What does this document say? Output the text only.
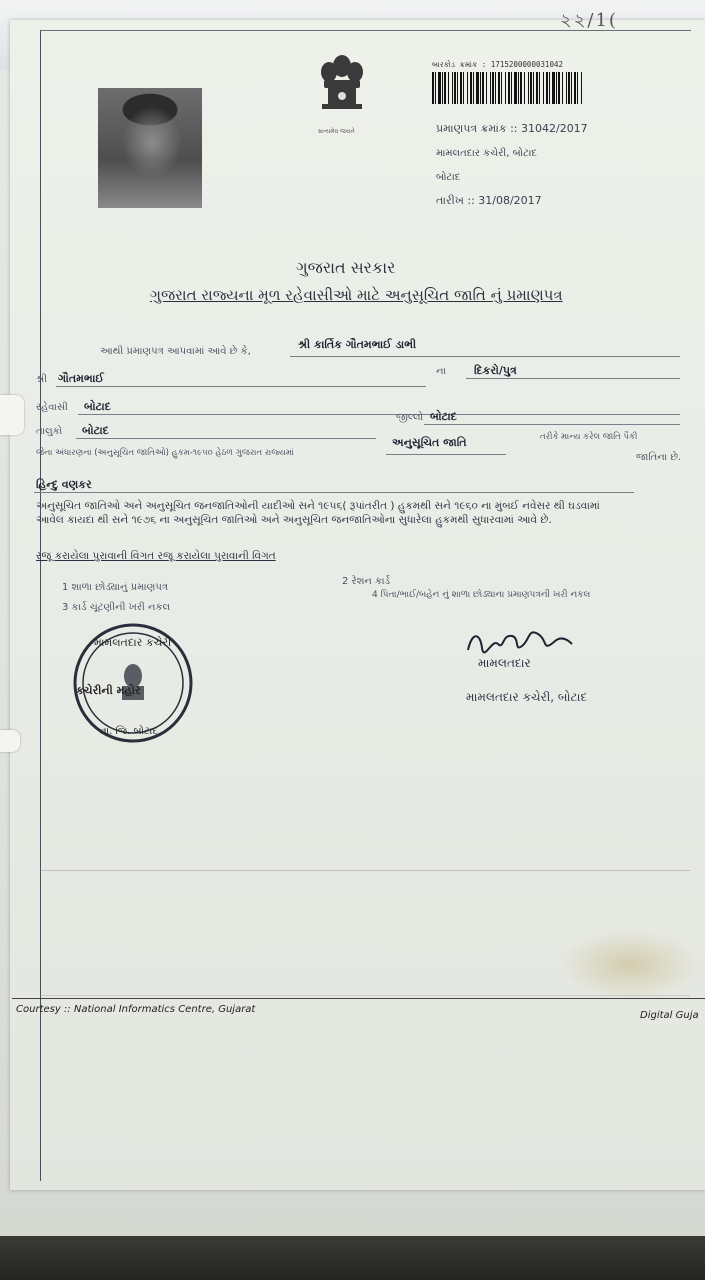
২২/1(
સત્યમેવ જયતે
બારકોડ ક્રમાંક : 1715200000031042
પ્રમાણપત્ર ક્રમાંક :: 31042/2017
મામલતદાર કચેરી, બોટાદ
બોટાદ
તારીખ :: 31/08/2017
ગુજરાત સરકાર
ગુજરાત રાજ્યના મૂળ રહેવાસીઓ માટે અનુસૂચિત જાતિ નું પ્રમાણપત્ર
આથી પ્રમાણપત્ર આપવામાં આવે છે કે,
શ્રી કાર્તિક ગૌતમભાઈ ડાભી
શ્રી ગૌતમભાઈ
ના	દિકરો/પુત્ર
રહેવાસી બોટાદ
તાલુકો બોટાદ
જીલ્લો બોટાદ
જેના અંધારણના (અનુસૂચિત જાતિઓ) હુકમ-૧૯૫૦ હેઠળ ગુજરાત રાજ્યમાં
અનુસૂચિત જાતિ	તરીકે માન્ય કરેલ જાતિ પૈકી
જાતિના છે.
હિન્દુ વણકર
અનુસૂચિત જાતિઓ અને અનુસૂચિત જનજાતિઓની યાદીઓ સને ૧૯૫૬( રૂપાંતરીત ) હુકમથી સને ૧૯૬૦ ના મુંબઈ નવેસર થી ઘડવામાં
આવેલ કાયદા થી સને ૧૯૭૬ ના અનુસૂચિત જાતિઓ અને અનુસૂચિત જનજાતિઓના સુધારેલા હુકમથી સુધારવામાં આવે છે.
રજૂ કરાયેલા પુરાવાની વિગત રજૂ કરાયેલા પુરાવાની વિગત
1 શાળા છોડ્યાનું પ્રમાણપત્ર
2 રેશન કાર્ડ
3 કાર્ડ ચૂંટણીની ખરી નકલ
4 પિતા/ભાઈ/બહેન નું શાળા છોડ્યાના પ્રમાણપત્રની ખરી નકલ
મામલતદાર કચેરી
કચેરીની મહોર
તા. જિ. બોટાદ
મામલતદાર
મામલતદાર કચેરી, બોટાદ
Courtesy :: National Informatics Centre, Gujarat
Digital Guja
